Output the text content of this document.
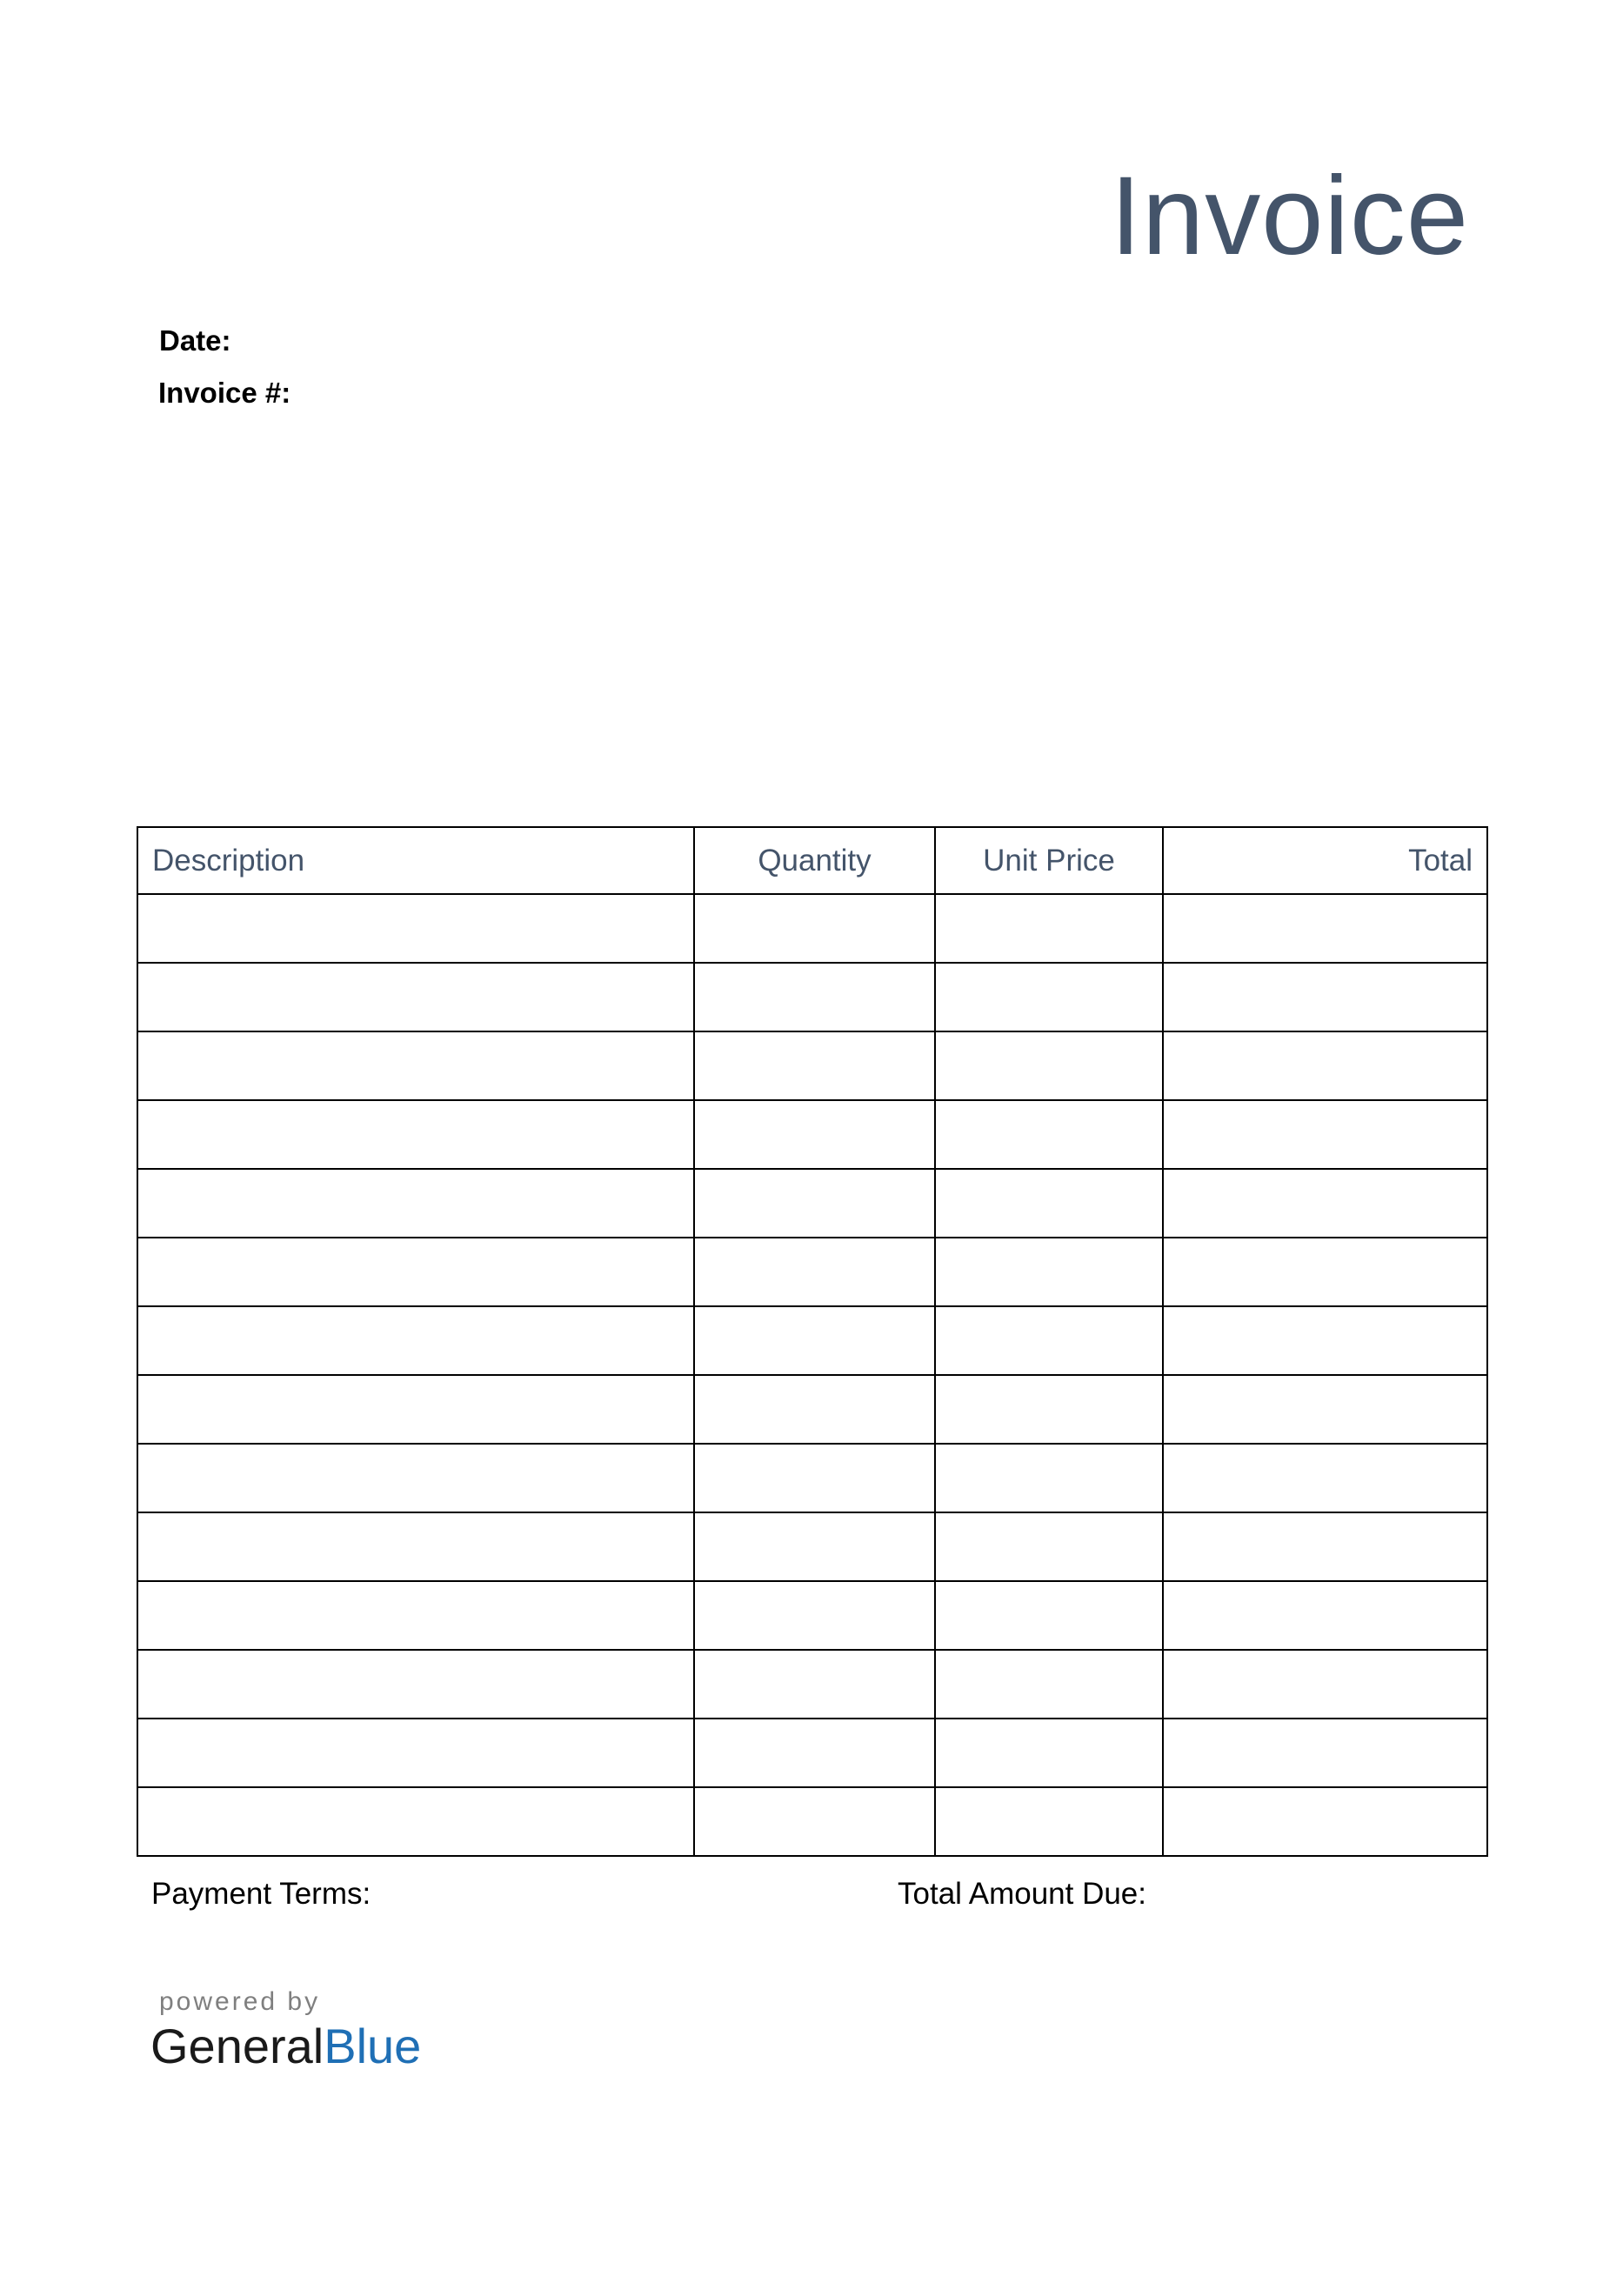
Invoice
Date:
Invoice #:
Description	Quantity	Unit Price	Total

Payment Terms:	Total Amount Due:
powered by
GeneralBlue
